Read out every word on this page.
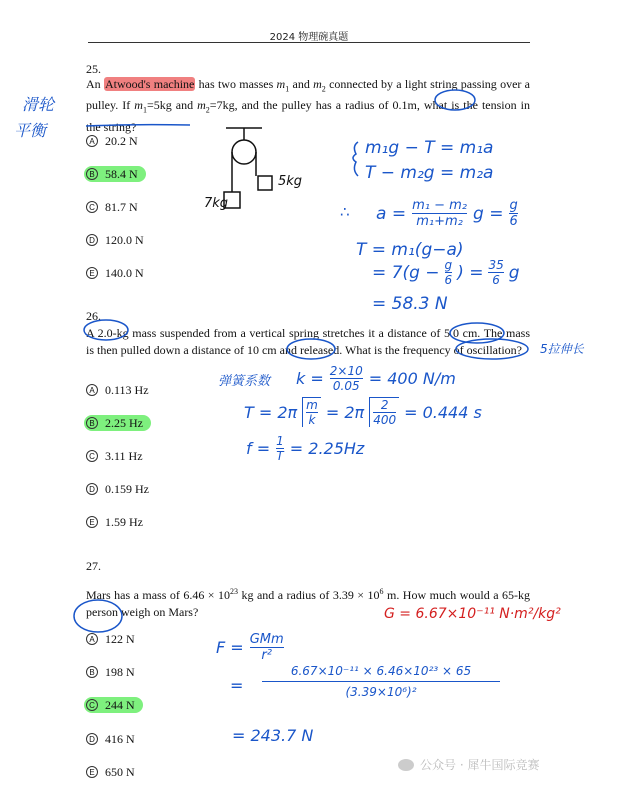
2024 物理碗真题
25.
An Atwood's machine has two masses $m_1$ and $m_2$ connected by a light string passing over a pulley. If $m_1=5kg$ and $m_2=7kg$, and the pulley has a radius of 0.1m, what is the tension in the string?
A 20.2 N
B 58.4 N
C 81.7 N
D 120.0 N
E 140.0 N
滑轮
平衡
7kg
5kg
m₁g − T = m₁a
T − m₂g = m₂a
∴ $a = \frac{\text{m₁ − m₂}}{\text{m₁+m₂}}$ $g = \frac{g}{6}$
T = m₁(g−a)
= $7(g - \frac{g}{6}$ ) = $\frac{35}{6}$ g
= 58.3 N
26.
A 2.0-kg mass suspended from a vertical spring stretches it a distance of 5.0 cm. The mass is then pulled down a distance of 10 cm and released. What is the frequency of oscillation?
A 0.113 Hz
B 2.25 Hz
C 3.11 Hz
D 0.159 Hz
E 1.59 Hz
5拉伸长
弹簧系数 $k = \frac{2\times 10}{0.05} = 400$ N/m
$T = 2\pi \frac{m}{k} = 2\pi \frac{2}{400} = 0.444$ s
$f = \frac{1}{T} = 2.25Hz$
27.
Mars has a mass of $6.46 \times 10^{23}$ kg and a radius of $3.39 \times 10^6$ m. How much would a 65-kg person weigh on Mars?
A 122 N
B 198 N
C 244 N
D 416 N
E 650 N
G = 6.67×10⁻¹¹ N·m²/kg²
$F = \frac{\text{GMm}}{\text{r²}}$
=
6.67×10⁻¹¹ × 6.46×10²³ × 65
(3.39×10⁶)²
= 243.7 N
公众号 · 犀牛国际竞赛
